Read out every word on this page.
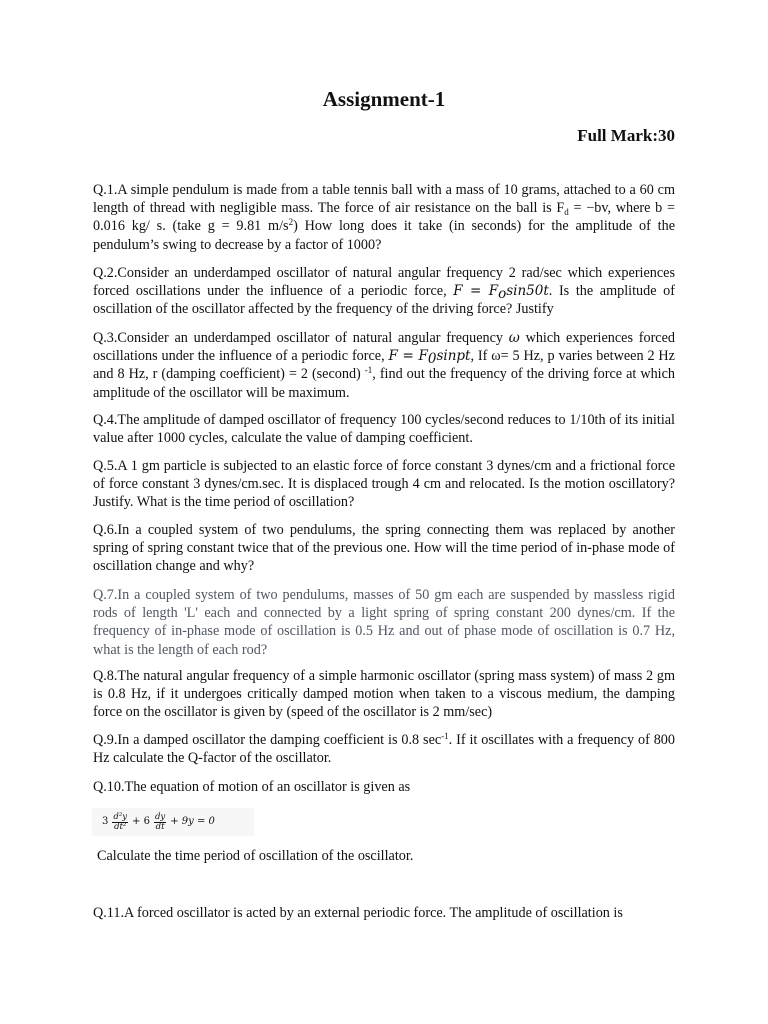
Assignment-1
Full Mark:30
Q.1.A simple pendulum is made from a table tennis ball with a mass of 10 grams, attached to a 60 cm length of thread with negligible mass. The force of air resistance on the ball is $F_d = -bv$, where b = 0.016 kg/ s. (take g = 9.81 $m/s^2$) How long does it take (in seconds) for the amplitude of the pendulum’s swing to decrease by a factor of 1000?
Q.2.Consider an underdamped oscillator of natural angular frequency 2 rad/sec which experiences forced oscillations under the influence of a periodic force, $F = F_o\sin 50t$. Is the amplitude of oscillation of the oscillator affected by the frequency of the driving force? Justify
Q.3.Consider an underdamped oscillator of natural angular frequency ω which experiences forced oscillations under the influence of a periodic force, $F = F_0sinpt$, If ω= 5 Hz, p varies between 2 Hz and 8 Hz, r (damping coefficient) = 2 (second) $^{-1}$, find out the frequency of the driving force at which amplitude of the oscillator will be maximum.
Q.4.The amplitude of damped oscillator of frequency 100 cycles/second reduces to 1/10th of its initial value after 1000 cycles, calculate the value of damping coefficient.
Q.5.A 1 gm particle is subjected to an elastic force of force constant 3 dynes/cm and a frictional force of force constant 3 dynes/cm.sec. It is displaced trough 4 cm and relocated. Is the motion oscillatory? Justify. What is the time period of oscillation?
Q.6.In a coupled system of two pendulums, the spring connecting them was replaced by another spring of spring constant twice that of the previous one. How will the time period of in-phase mode of oscillation change and why?
Q.7.In a coupled system of two pendulums, masses of 50 gm each are suspended by massless rigid rods of length 'L' each and connected by a light spring of spring constant 200 dynes/cm. If the frequency of in-phase mode of oscillation is 0.5 Hz and out of phase mode of oscillation is 0.7 Hz, what is the length of each rod?
Q.8.The natural angular frequency of a simple harmonic oscillator (spring mass system) of mass 2 gm is 0.8 Hz, if it undergoes critically damped motion when taken to a viscous medium, the damping force on the oscillator is given by (speed of the oscillator is 2 mm/sec)
Q.9.In a damped oscillator the damping coefficient is 0.8 $\sec^{-1}$. If it oscillates with a frequency of 800 Hz calculate the Q-factor of the oscillator.
Q.10.The equation of motion of an oscillator is given as
$3 \frac{\text{d²y}}{\text{dt²}} + 6 \frac{dy}{dt} + 9y = 0$
Calculate the time period of oscillation of the oscillator.
Q.11.A forced oscillator is acted by an external periodic force. The amplitude of oscillation is
